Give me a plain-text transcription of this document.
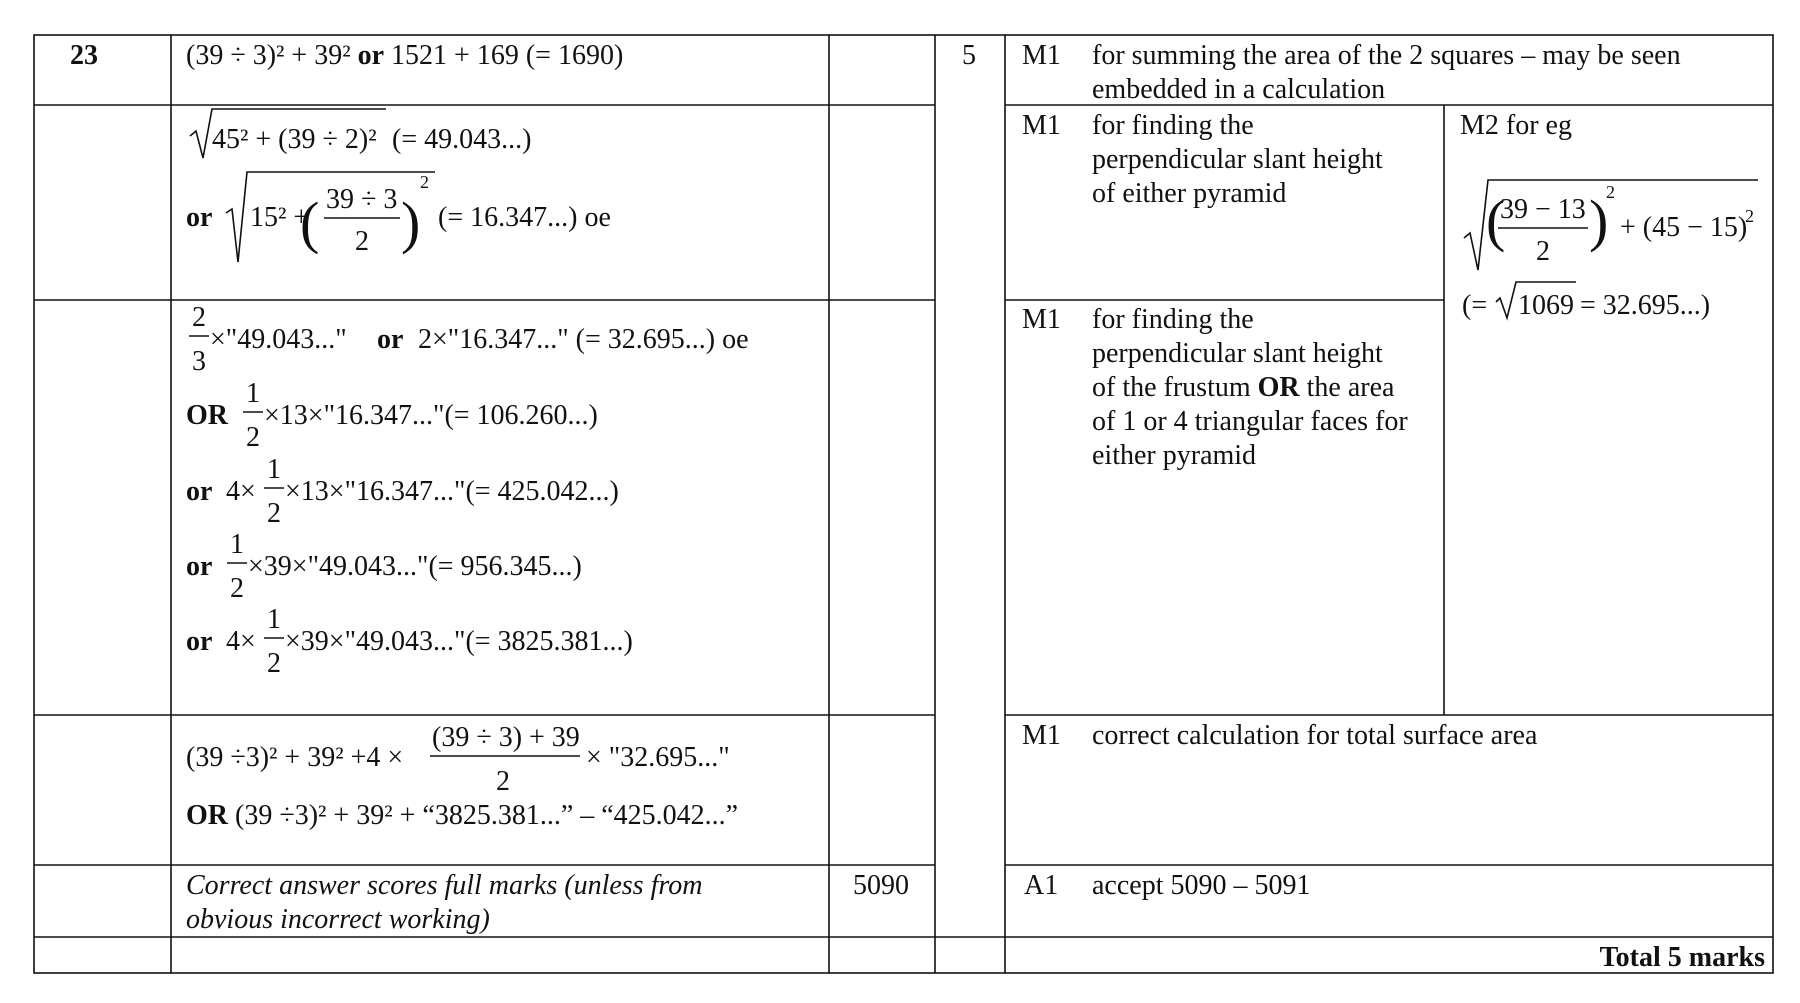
23	5
(39 ÷ 3)² + 39² or 1521 + 169 (= 1690)
45² + (39 ÷ 2)² (= 49.043...)
or 15² +
( 39 ÷ 3
2 )
2
(= 16.347...) oe
2
3
×"49.043..." or 2×"16.347..." (= 32.695...) oe
OR
1
2
×13×"16.347..."(= 106.260...)
or 4×
1
2
×13×"16.347..."(= 425.042...)
or
1
2
×39×"49.043..."(= 956.345...)
or 4×
1
2
×39×"49.043..."(= 3825.381...)
(39 ÷3)² + 39² +4 ×
(39 ÷ 3) + 39
2
× "32.695..."
OR (39 ÷3)² + 39² + “3825.381...” – “425.042...”
Correct answer scores full marks (unless from
obvious incorrect working)
5090
M1 for summing the area of the 2 squares – may be seen
embedded in a calculation
M1 for finding the
perpendicular slant height
of either pyramid
M2 for eg
(
39 − 13
2 )
2
+ (45 − 15)
2
(= 1069 = 32.695...)
M1 for finding the
perpendicular slant height
of the frustum OR the area
of 1 or 4 triangular faces for
either pyramid
M1 correct calculation for total surface area
A1 accept 5090 – 5091
Total 5 marks
